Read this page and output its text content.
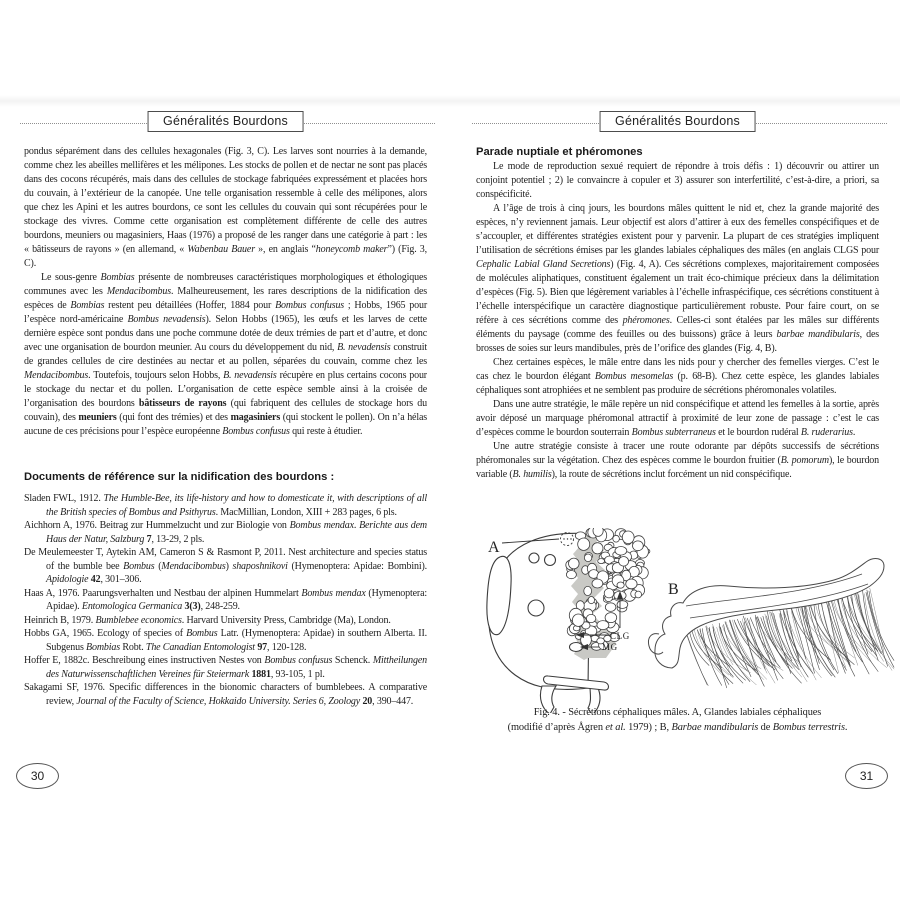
Généralités Bourdons

pondus séparément dans des cellules hexagonales (Fig. 3, C). Les larves sont nourries à la demande, comme chez les abeilles mellifères et les mélipones. Les stocks de pollen et de nectar ne sont pas placés dans des cocons récupérés, mais dans des cellules de stockage fabriquées expressément et placées hors du couvain, à l’extérieur de la canopée. Une telle organisation ressemble à celle des mélipones, alors que chez les Apini et les autres bourdons, ce sont les cellules du couvain qui sont récupérées pour le stockage des vivres. Comme cette organisation est complètement différente de celle des autres bourdons, meuniers ou magasiniers, Haas (1976) a proposé de les ranger dans une catégorie à part : les « bâtisseurs de rayons » (en allemand, « Wabenbau Bauer », en anglais “honeycomb maker”) (Fig. 3, C).

Le sous-genre Bombias présente de nombreuses caractéristiques morphologiques et éthologiques communes avec les Mendacibombus. Malheureusement, les rares descriptions de la nidification des espèces de Bombias restent peu détaillées (Hoffer, 1884 pour Bombus confusus ; Hobbs, 1965 pour l’espèce nord-américaine Bombus nevadensis). Selon Hobbs (1965), les œufs et les larves de cette dernière espèce sont pondus dans une poche commune dotée de deux trémies de part et d’autre, et donc avec une organisation de bourdon meunier. Au cours du développement du nid, B. nevadensis construit de grandes cellules de cire destinées au nectar et au pollen, séparées du couvain, comme chez les Mendacibombus. Toutefois, toujours selon Hobbs, B. nevadensis récupère en plus certains cocons pour le stockage du nectar et du pollen. L’organisation de cette espèce semble ainsi à la croisée de l’organisation des bourdons bâtisseurs de rayons (qui fabriquent des cellules de stockage hors du couvain), des meuniers (qui font des trémies) et des magasiniers (qui stockent le pollen). On n’a hélas aucune de ces précisions pour l’espèce européenne Bombus confusus qui reste à étudier.

Documents de référence sur la nidification des bourdons :

Sladen FWL, 1912. The Humble-Bee, its life-history and how to domesticate it, with descriptions of all the British species of Bombus and Psithyrus. MacMillian, London, XIII + 283 pages, 6 pls.

Aichhorn A, 1976. Beitrag zur Hummelzucht und zur Biologie von Bombus mendax. Berichte aus dem Haus der Natur, Salzburg 7, 13-29, 2 pls.

De Meulemeester T, Aytekin AM, Cameron S & Rasmont P, 2011. Nest architecture and species status of the bumble bee Bombus (Mendacibombus) shaposhnikovi (Hymenoptera: Apidae: Bombini). Apidologie 42, 301–306.

Haas A, 1976. Paarungsverhalten und Nestbau der alpinen Hummelart Bombus mendax (Hymenoptera: Apidae). Entomologica Germanica 3(3), 248-259.

Heinrich B, 1979. Bumblebee economics. Harvard University Press, Cambridge (Ma), London.

Hobbs GA, 1965. Ecology of species of Bombus Latr. (Hymenoptera: Apidae) in southern Alberta. II. Subgenus Bombias Robt. The Canadian Entomologist 97, 120-128.

Hoffer E, 1882c. Beschreibung eines instructiven Nestes von Bombus confusus Schenck. Mittheilungen des Naturwissenschaftlichen Vereines für Steiermark 1881, 93-105, 1 pl.

Sakagami SF, 1976. Specific differences in the bionomic characters of bumblebees. A comparative review, Journal of the Faculty of Science, Hokkaido University. Series 6, Zoology 20, 390–447.

30
Généralités Bourdons
Parade nuptiale et phéromones

Le mode de reproduction sexué requiert de répondre à trois défis : 1) découvrir ou attirer un conjoint potentiel ; 2) le convaincre à copuler et 3) assurer son interfertilité, c’est-à-dire, a priori, sa conspécificité.

A l’âge de trois à cinq jours, les bourdons mâles quittent le nid et, chez la grande majorité des espèces, n’y reviennent jamais. Leur objectif est alors d’attirer à eux des femelles conspécifiques et de s’accoupler, et différentes stratégies existent pour y parvenir. La plupart de ces stratégies impliquent l’utilisation de sécrétions émises par les glandes labiales céphaliques des mâles (en anglais CLGS pour Cephalic Labial Gland Secretions) (Fig. 4, A). Ces sécrétions complexes, majoritairement composées de molécules aliphatiques, constituent également un trait éco-chimique précieux dans la délimitation d’espèces (Fig. 5). Bien que légèrement variables à l’échelle infraspécifique, ces sécrétions constituent à l’échelle interspécifique un caractère diagnostique particulièrement robuste. Pour faire court, on se réfère à ces sécrétions comme des phéromones. Celles-ci sont étalées par les mâles sur différents éléments du paysage (comme des feuilles ou des buissons) grâce à leurs barbae mandibularis, des brosses de soies sur leurs mandibules, près de l’orifice des glandes (Fig. 4, B).

Chez certaines espèces, le mâle entre dans les nids pour y chercher des femelles vierges. C’est le cas chez le bourdon élégant Bombus mesomelas (p. 68-B). Chez cette espèce, les glandes labiales céphaliques sont atrophiées et ne semblent pas produire de sécrétions phéromonales volatiles.

Dans une autre stratégie, le mâle repère un nid conspécifique et attend les femelles à la sortie, après avoir déposé un marquage phéromonal attractif à proximité de leur zone de passage : c’est le cas d’espèces comme le bourdon souterrain Bombus subterraneus et le bourdon rudéral B. ruderarius.

Une autre stratégie consiste à tracer une route odorante par dépôts successifs de sécrétions phéromonales sur la végétation. Chez des espèces comme le bourdon fruitier (B. pomorum), le bourdon variable (B. humilis), la route de sécrétions inclut forcément un nid conspécifique.

A
B
CLG
MG

Fig. 4. - Sécrétions céphaliques mâles. A, Glandes labiales céphaliques

(modifié d’après Ågren et al. 1979) ; B, Barbae mandibularis de Bombus terrestris.

31
